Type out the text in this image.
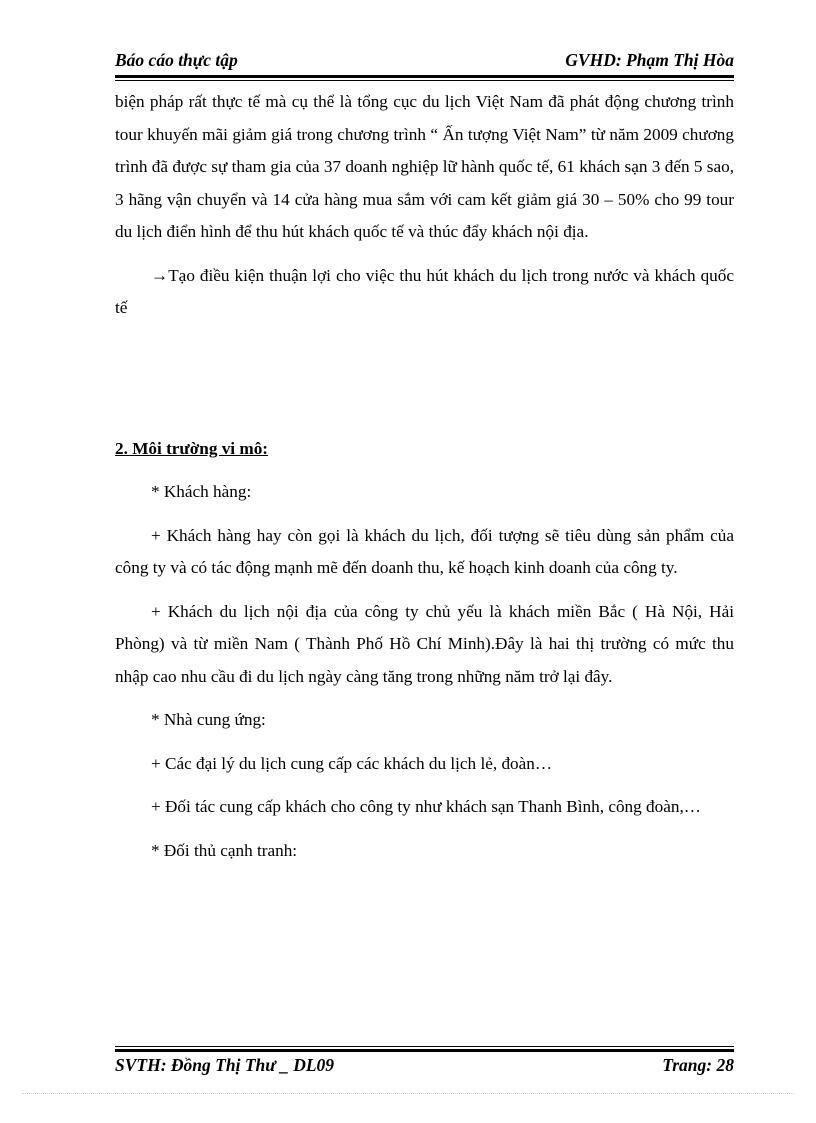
Báo cáo thực tập	GVHD: Phạm Thị Hòa

biện pháp rất thực tế mà cụ thể là tổng cục du lịch Việt Nam đã phát động chương trình tour khuyến mãi giảm giá trong chương trình “ Ấn tượng Việt Nam” từ năm 2009 chương trình đã được sự tham gia của 37 doanh nghiệp lữ hành quốc tế, 61 khách sạn 3 đến 5 sao, 3 hãng vận chuyển và 14 cửa hàng mua sắm với cam kết giảm giá 30 – 50% cho 99 tour du lịch điển hình để thu hút khách quốc tế và thúc đẩy khách nội địa.

→Tạo điều kiện thuận lợi cho việc thu hút khách du lịch trong nước và khách quốc tế

2. Môi trường vi mô:

* Khách hàng:

+ Khách hàng hay còn gọi là khách du lịch, đối tượng sẽ tiêu dùng sản phẩm của công ty và có tác động mạnh mẽ đến doanh thu, kế hoạch kinh doanh của công ty.

+ Khách du lịch nội địa của công ty chủ yếu là khách miền Bắc ( Hà Nội, Hải Phòng) và từ miền Nam ( Thành Phố Hồ Chí Minh).Đây là hai thị trường có mức thu nhập cao nhu cầu đi du lịch ngày càng tăng trong những năm trở lại đây.

* Nhà cung ứng:

+ Các đại lý du lịch cung cấp các khách du lịch lẻ, đoàn…

+ Đối tác cung cấp khách cho công ty như khách sạn Thanh Bình, công đoàn,…

* Đối thủ cạnh tranh:

SVTH: Đồng Thị Thư _ DL09	Trang: 28
